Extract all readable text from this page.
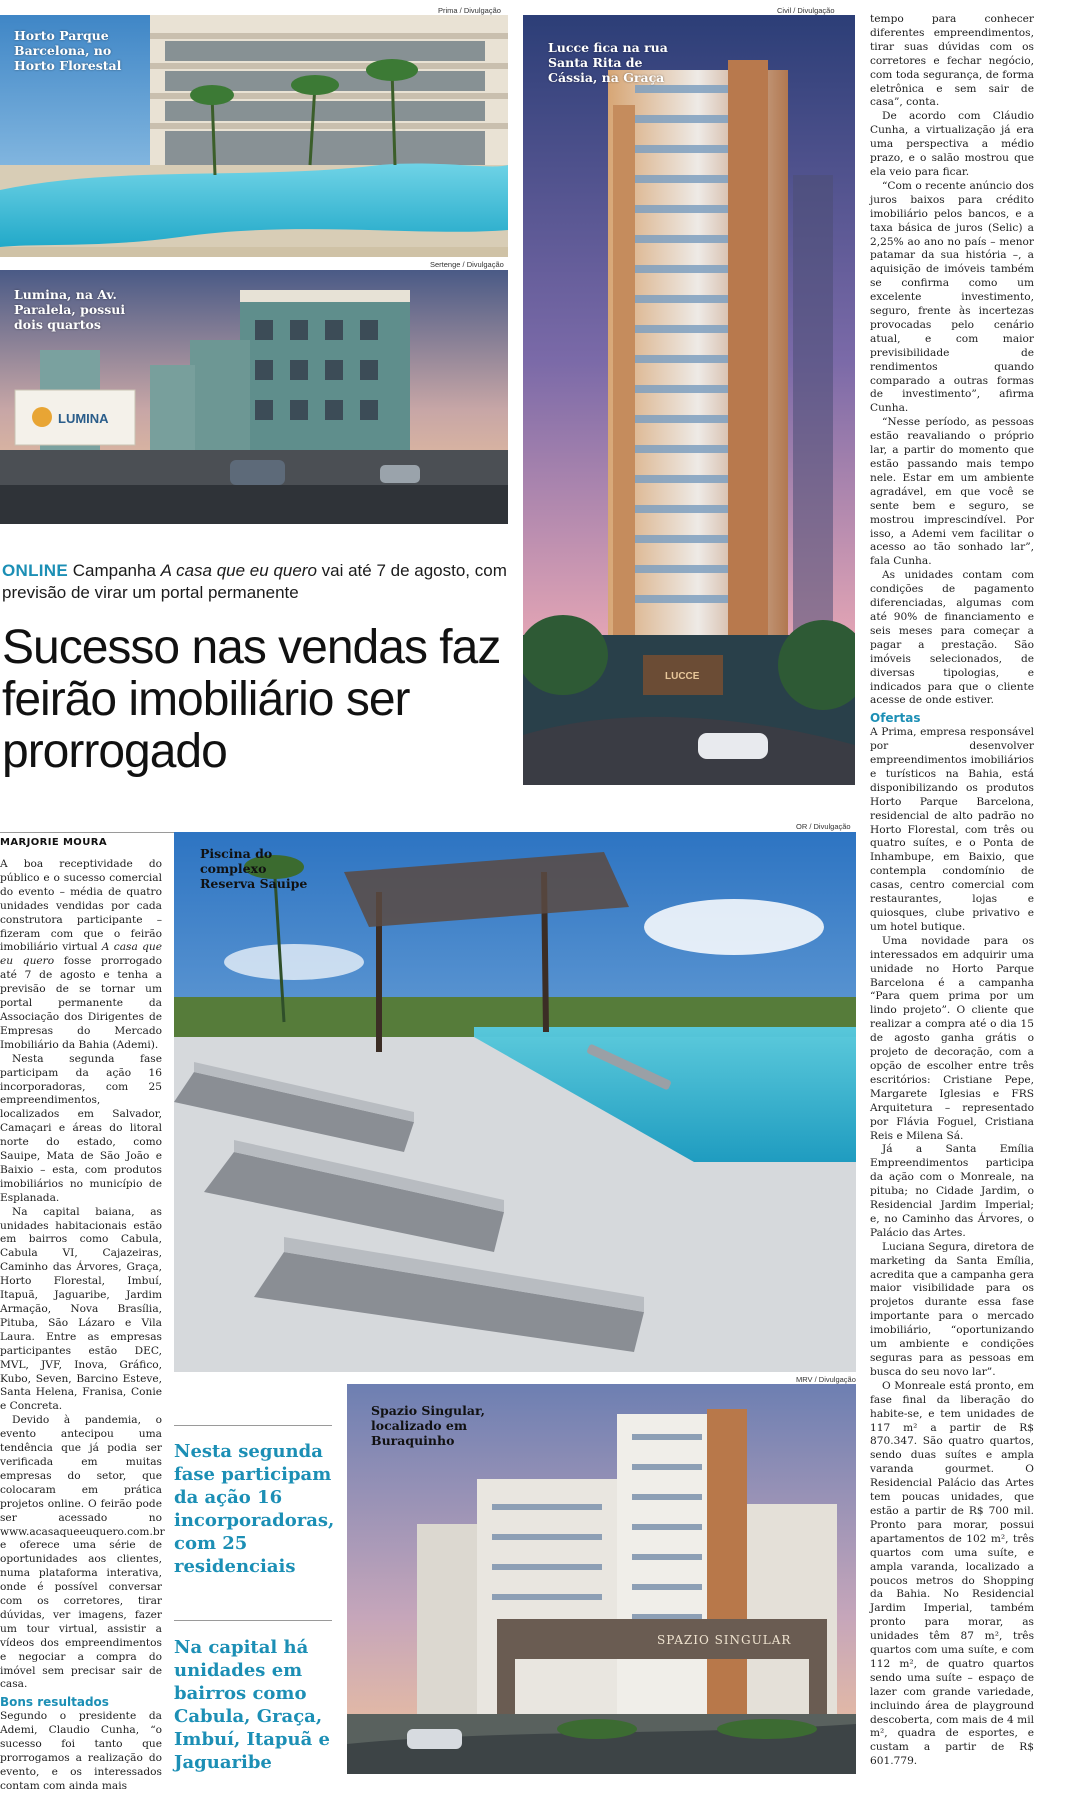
Horto Parque
Barcelona, no
Horto Florestal
Prima / Divulgação
Sertenge / Divulgação
LUMINA
Lumina, na Av.
Paralela, possui
dois quartos
Civil / Divulgação
LUCCE
Lucce fica na rua
Santa Rita de
Cássia, na Graça
ONLINE Campanha A casa que eu quero vai até 7 de agosto, com previsão de virar um portal permanente
Sucesso nas vendas faz feirão imobiliário ser prorrogado
MARJORIE MOURA
OR / Divulgação
Piscina do
complexo
Reserva Sauipe
MRV / Divulgação
SPAZIO SINGULAR
Spazio Singular,
localizado em
Buraquinho

A boa receptividade do público e o sucesso comercial do evento – média de quatro unidades vendidas por cada construtora participante – fizeram com que o feirão imobiliário virtual A casa que eu quero fosse prorrogado até 7 de agosto e tenha a previsão de se tornar um portal permanente da Associação dos Dirigentes de Empresas do Mercado Imobiliário da Bahia (Ademi).

Nesta segunda fase participam da ação 16 incorporadoras, com 25 empreendimentos, localizados em Salvador, Camaçari e áreas do litoral norte do estado, como Sauipe, Mata de São João e Baixio – esta, com produtos imobiliários no município de Esplanada.

Na capital baiana, as unidades habitacionais estão em bairros como Cabula, Cabula VI, Cajazeiras, Caminho das Árvores, Graça, Horto Florestal, Imbuí, Itapuã, Jaguaribe, Jardim Armação, Nova Brasília, Pituba, São Lázaro e Vila Laura. Entre as empresas participantes estão DEC, MVL, JVF, Inova, Gráfico, Kubo, Seven, Barcino Esteve, Santa Helena, Franisa, Conie e Concreta.

Devido à pandemia, o evento antecipou uma tendência que já podia ser verificada em muitas empresas do setor, que colocaram em prática projetos online. O feirão pode ser acessado no www.acasaqueeuquero.com.br e oferece uma série de oportunidades aos clientes, numa plataforma interativa, onde é possível conversar com os corretores, tirar dúvidas, ver imagens, fazer um tour virtual, assistir a vídeos dos empreendimentos e negociar a compra do imóvel sem precisar sair de casa.

Bons resultados

Segundo o presidente da Ademi, Claudio Cunha, “o sucesso foi tanto que prorrogamos a realização do evento, e os interessados contam com ainda mais

Nesta segunda fase participam da ação 16 incorporadoras, com 25 residenciais
Na capital há unidades em bairros como Cabula, Graça, Imbuí, Itapuã e Jaguaribe

tempo para conhecer diferentes empreendimentos, tirar suas dúvidas com os corretores e fechar negócio, com toda segurança, de forma eletrônica e sem sair de casa”, conta.

De acordo com Cláudio Cunha, a virtualização já era uma perspectiva a médio prazo, e o salão mostrou que ela veio para ficar.

“Com o recente anúncio dos juros baixos para crédito imobiliário pelos bancos, e a taxa básica de juros (Selic) a 2,25% ao ano no país – menor patamar da sua história –, a aquisição de imóveis também se confirma como um excelente investimento, seguro, frente às incertezas provocadas pelo cenário atual, e com maior previsibilidade de rendimentos quando comparado a outras formas de investimento”, afirma Cunha.

“Nesse período, as pessoas estão reavaliando o próprio lar, a partir do momento que estão passando mais tempo nele. Estar em um ambiente agradável, em que você se sente bem e seguro, se mostrou imprescindível. Por isso, a Ademi vem facilitar o acesso ao tão sonhado lar”, fala Cunha.

As unidades contam com condições de pagamento diferenciadas, algumas com até 90% de financiamento e seis meses para começar a pagar a prestação. São imóveis selecionados, de diversas tipologias, e indicados para que o cliente acesse de onde estiver.

Ofertas

A Prima, empresa responsável por desenvolver empreendimentos imobiliários e turísticos na Bahia, está disponibilizando os produtos Horto Parque Barcelona, residencial de alto padrão no Horto Florestal, com três ou quatro suítes, e o Ponta de Inhambupe, em Baixio, que contempla condomínio de casas, centro comercial com restaurantes, lojas e quiosques, clube privativo e um hotel butique.

Uma novidade para os interessados em adquirir uma unidade no Horto Parque Barcelona é a campanha “Para quem prima por um lindo projeto”. O cliente que realizar a compra até o dia 15 de agosto ganha grátis o projeto de decoração, com a opção de escolher entre três escritórios: Cristiane Pepe, Margarete Iglesias e FRS Arquitetura – representado por Flávia Foguel, Cristiana Reis e Milena Sá.

Já a Santa Emília Empreendimentos participa da ação com o Monreale, na pituba; no Cidade Jardim, o Residencial Jardim Imperial; e, no Caminho das Árvores, o Palácio das Artes.

Luciana Segura, diretora de marketing da Santa Emília, acredita que a campanha gera maior visibilidade para os projetos durante essa fase importante para o mercado imobiliário, “oportunizando um ambiente e condições seguras para as pessoas em busca do seu novo lar”.

O Monreale está pronto, em fase final da liberação do habite-se, e tem unidades de 117 m² a partir de R$ 870.347. São quatro quartos, sendo duas suítes e ampla varanda gourmet. O Residencial Palácio das Artes tem poucas unidades, que estão a partir de R$ 700 mil. Pronto para morar, possui apartamentos de 102 m², três quartos com uma suíte, e ampla varanda, localizado a poucos metros do Shopping da Bahia. No Residencial Jardim Imperial, também pronto para morar, as unidades têm 87 m², três quartos com uma suíte, e com 112 m², de quatro quartos sendo uma suíte – espaço de lazer com grande variedade, incluindo área de playground descoberta, com mais de 4 mil m², quadra de esportes, e custam a partir de R$ 601.779.
